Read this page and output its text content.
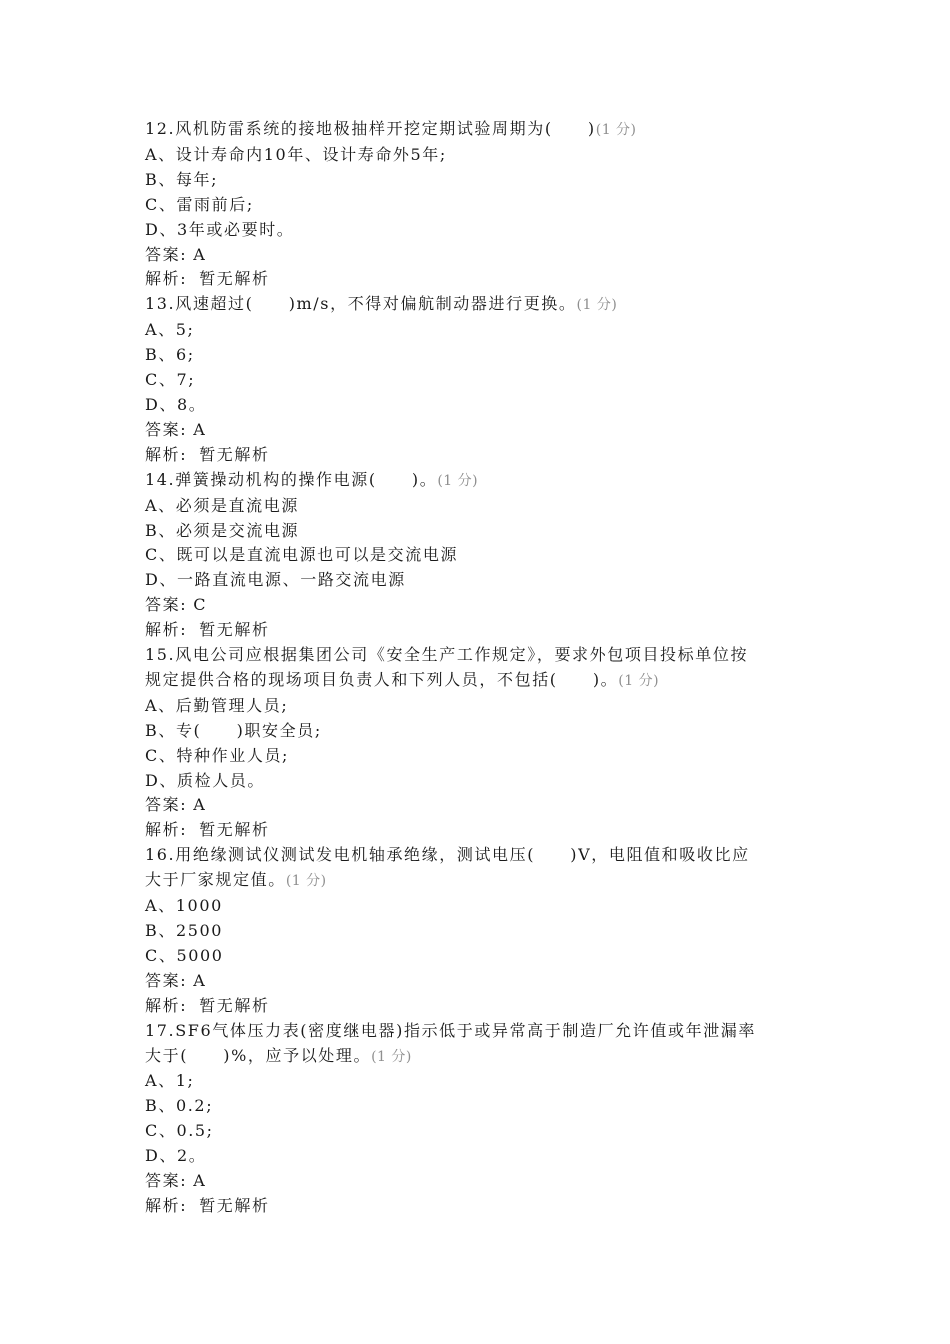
12.风机防雷系统的接地极抽样开挖定期试验周期为(　　)(1 分)

A、设计寿命内10年、设计寿命外5年;

B、每年;

C、雷雨前后;

D、3年或必要时。

答案: A

解析: 暂无解析

13.风速超过(　　)m/s，不得对偏航制动器进行更换。(1 分)

A、5;

B、6;

C、7;

D、8。

答案: A

解析: 暂无解析

14.弹簧操动机构的操作电源(　　)。(1 分)

A、必须是直流电源

B、必须是交流电源

C、既可以是直流电源也可以是交流电源

D、一路直流电源、一路交流电源

答案: C

解析: 暂无解析

15.风电公司应根据集团公司《安全生产工作规定》，要求外包项目投标单位按

规定提供合格的现场项目负责人和下列人员，不包括(　　)。(1 分)

A、后勤管理人员;

B、专(　　)职安全员;

C、特种作业人员;

D、质检人员。

答案: A

解析: 暂无解析

16.用绝缘测试仪测试发电机轴承绝缘，测试电压(　　)V，电阻值和吸收比应

大于厂家规定值。(1 分)

A、1000

B、2500

C、5000

答案: A

解析: 暂无解析

17.SF6气体压力表(密度继电器)指示低于或异常高于制造厂允许值或年泄漏率

大于(　　)%，应予以处理。(1 分)

A、1;

B、0.2;

C、0.5;

D、2。

答案: A

解析: 暂无解析
